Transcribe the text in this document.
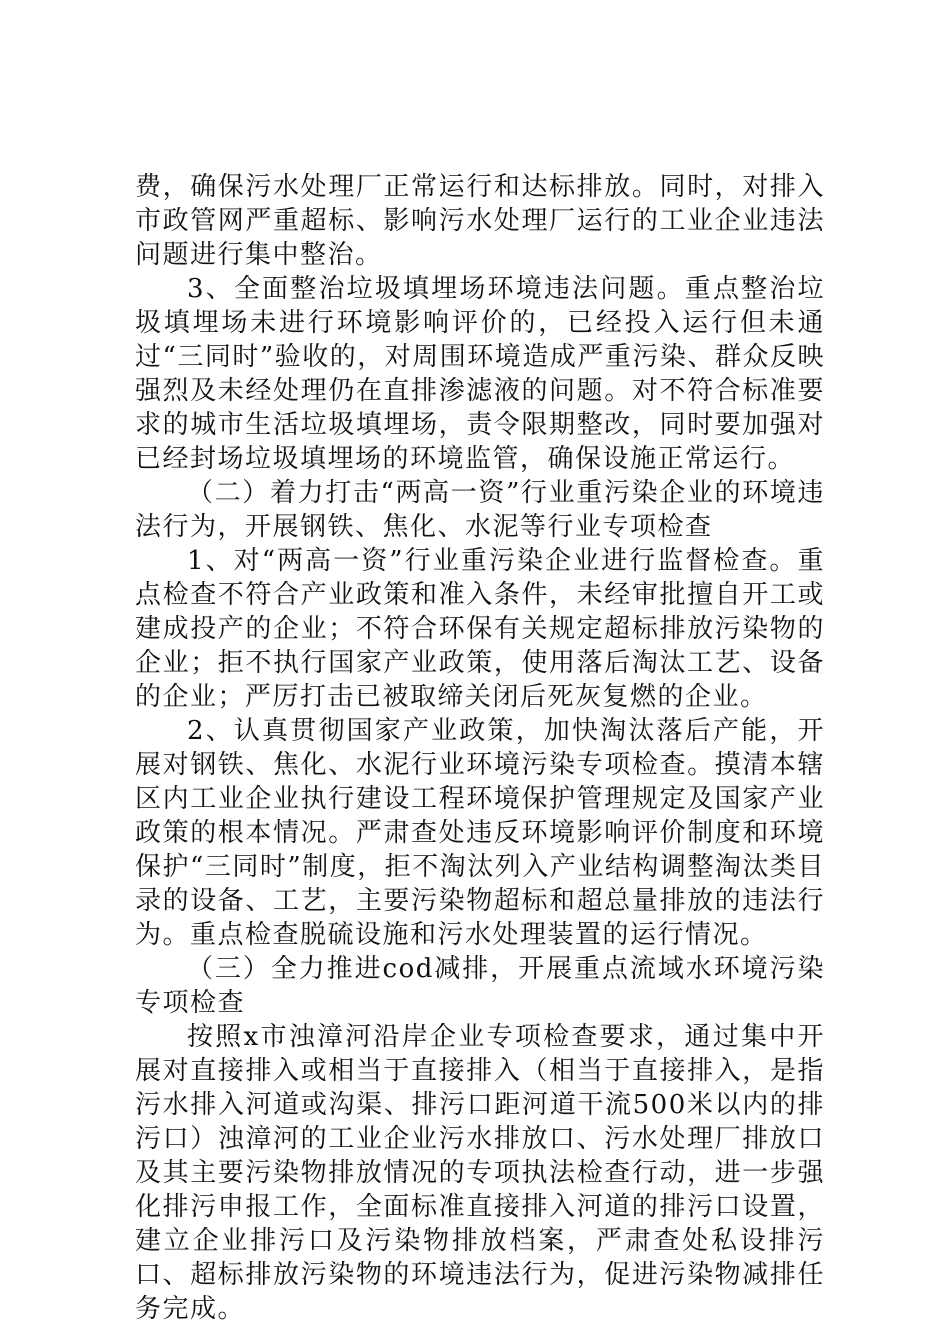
费，确保污水处理厂正常运行和达标排放。同时，对排入市政管网严重超标、影响污水处理厂运行的工业企业违法问题进行集中整治。

3、全面整治垃圾填埋场环境违法问题。重点整治垃圾填埋场未进行环境影响评价的，已经投入运行但未通过“三同时”验收的，对周围环境造成严重污染、群众反映强烈及未经处理仍在直排渗滤液的问题。对不符合标准要求的城市生活垃圾填埋场，责令限期整改，同时要加强对已经封场垃圾填埋场的环境监管，确保设施正常运行。

（二）着力打击“两高一资”行业重污染企业的环境违法行为，开展钢铁、焦化、水泥等行业专项检查

1、对“两高一资”行业重污染企业进行监督检查。重点检查不符合产业政策和准入条件，未经审批擅自开工或建成投产的企业；不符合环保有关规定超标排放污染物的企业；拒不执行国家产业政策，使用落后淘汰工艺、设备的企业；严厉打击已被取缔关闭后死灰复燃的企业。

2、认真贯彻国家产业政策，加快淘汰落后产能，开展对钢铁、焦化、水泥行业环境污染专项检查。摸清本辖区内工业企业执行建设工程环境保护管理规定及国家产业政策的根本情况。严肃查处违反环境影响评价制度和环境保护“三同时”制度，拒不淘汰列入产业结构调整淘汰类目录的设备、工艺，主要污染物超标和超总量排放的违法行为。重点检查脱硫设施和污水处理装置的运行情况。

（三）全力推进cod减排，开展重点流域水环境污染专项检查

按照x市浊漳河沿岸企业专项检查要求，通过集中开展对直接排入或相当于直接排入（相当于直接排入，是指污水排入河道或沟渠、排污口距河道干流500米以内的排污口）浊漳河的工业企业污水排放口、污水处理厂排放口及其主要污染物排放情况的专项执法检查行动，进一步强化排污申报工作，全面标准直接排入河道的排污口设置，建立企业排污口及污染物排放档案，严肃查处私设排污口、超标排放污染物的环境违法行为，促进污染物减排任务完成。
